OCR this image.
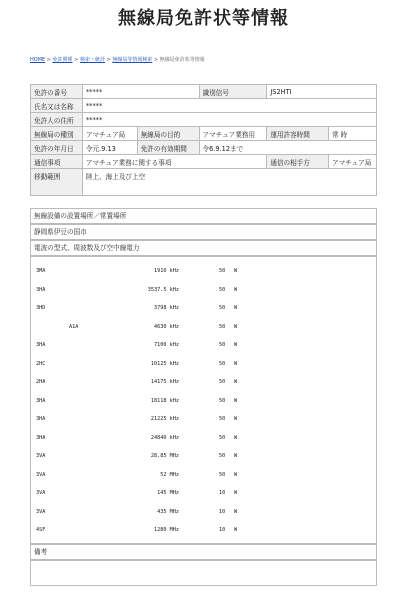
無線局免許状等情報
HOME > 免許関係 > 検索・統計 > 無線局等情報検索 > 無線局免許状等情報
免許の番号	*****		識別信号	JS2HTI	
氏名又は名称	*****				
免許人の住所	*****				
無線局の種別	アマチュア局	無線局の目的	アマチュア業務用	運用許容時間	常 時
免許の年月日	令元.9.13	免許の有効期間	令6.9.12まで		
通信事項	アマチュア業務に関する事項			通信の相手方	アマチュア局
移動範囲	陸上、海上及び上空				
無線設備の設置場所／常置場所
静岡県伊豆の国市
電波の型式、周波数及び空中線電力
3MA	1910 kHz	50 W
3HA	3537.5 kHz	50 W
3HD	3798 kHz	50 W
A1A	4630 kHz	50 W
3HA	7100 kHz	50 W
2HC	10125 kHz	50 W
2HA	14175 kHz	50 W
3HA	18118 kHz	50 W
3HA	21225 kHz	50 W
3HA	24840 kHz	50 W
3VA	28.85 MHz	50 W
3VA	52 MHz	50 W
3VA	145 MHz	10 W
3VA	435 MHz	10 W
4SF	1280 MHz	10 W
備考
